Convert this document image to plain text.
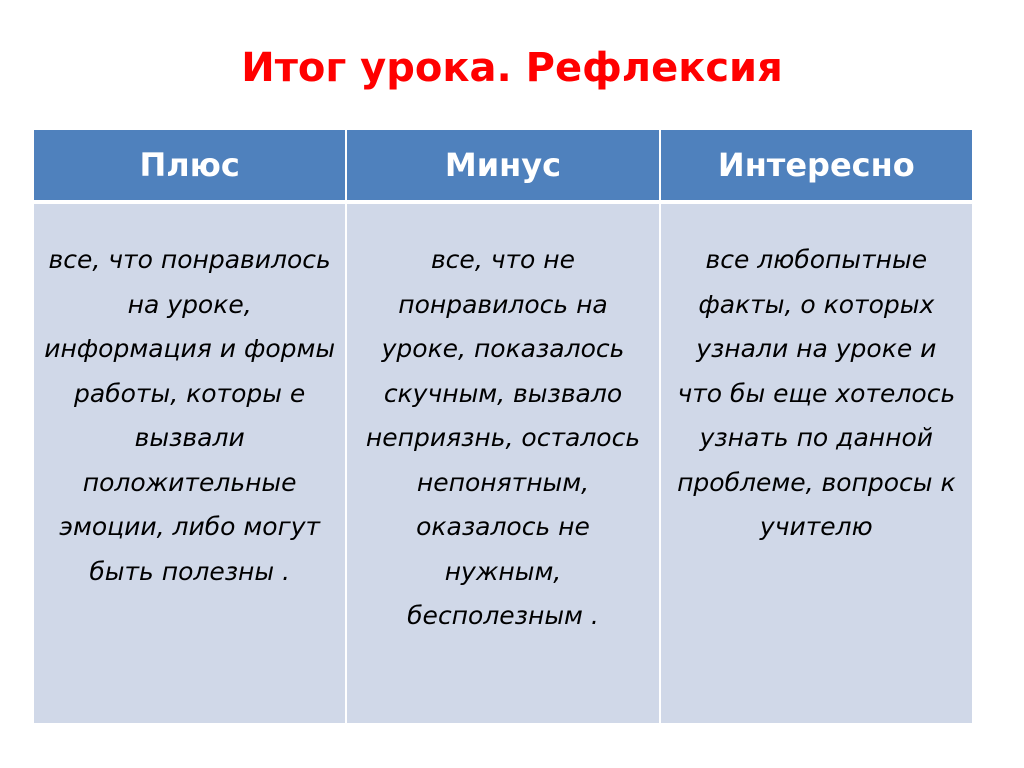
Итог урока. Рефлексия
Плюс	Минус	Интересно

все, что понравилось на уроке, информация и формы работы, которы е вызвали положительные эмоции, либо могут быть полезны .	все, что не понравилось на уроке, показалось скучным, вызвало неприязнь, осталось непонятным, оказалось не нужным, бесполезным .	все любопытные факты, о которых узнали на уроке и что бы еще хотелось узнать по данной проблеме, вопросы к учителю
